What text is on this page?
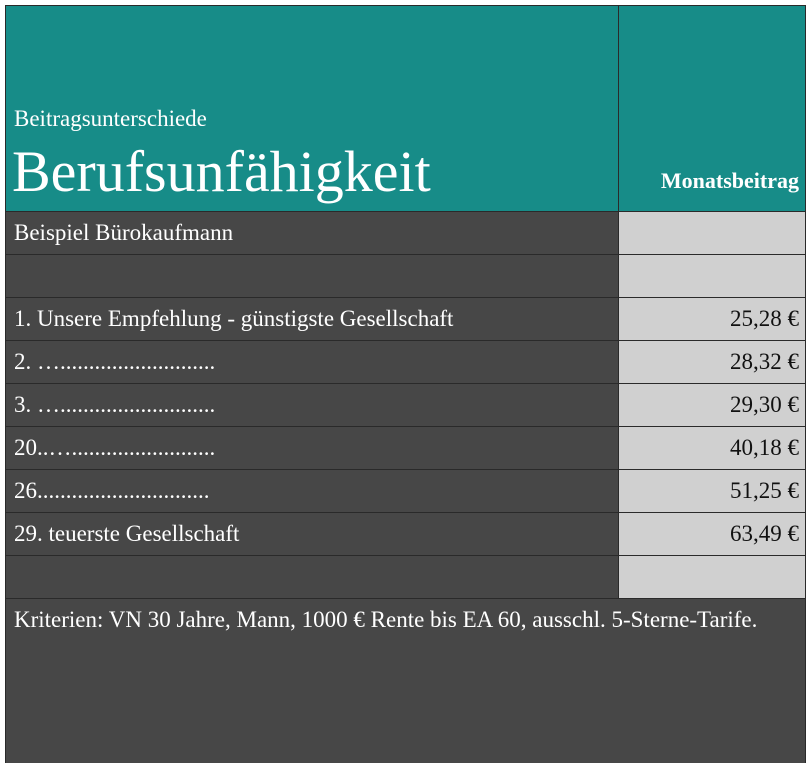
Beitragsunterschiede
Berufsunfähigkeit	Monatsbeitrag
Beispiel Bürokaufmann
1. Unsere Empfehlung - günstigste Gesellschaft	25,28 €
2. …...........................	28,32 €
3. …...........................	29,30 €
20..….........................	40,18 €
26..............................	51,25 €
29. teuerste Gesellschaft	63,49 €
Kriterien: VN 30 Jahre, Mann, 1000 € Rente bis EA 60, ausschl. 5-Sterne-Tarife.
